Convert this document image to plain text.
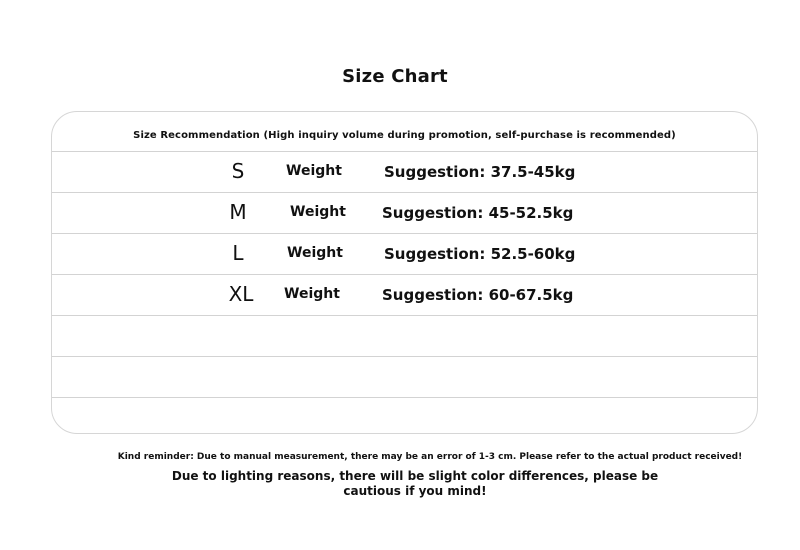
Size Chart
Size Recommendation (High inquiry volume during promotion, self-purchase is recommended)
S	Weight	Suggestion: 37.5-45kg
M	Weight Suggestion: 45-52.5kg
L	Weight	Suggestion: 52.5-60kg
XL	Weight	Suggestion: 60-67.5kg
Kind reminder: Due to manual measurement, there may be an error of 1-3 cm. Please refer to the actual product received!
Due to lighting reasons, there will be slight color differences, please be cautious if you mind!
